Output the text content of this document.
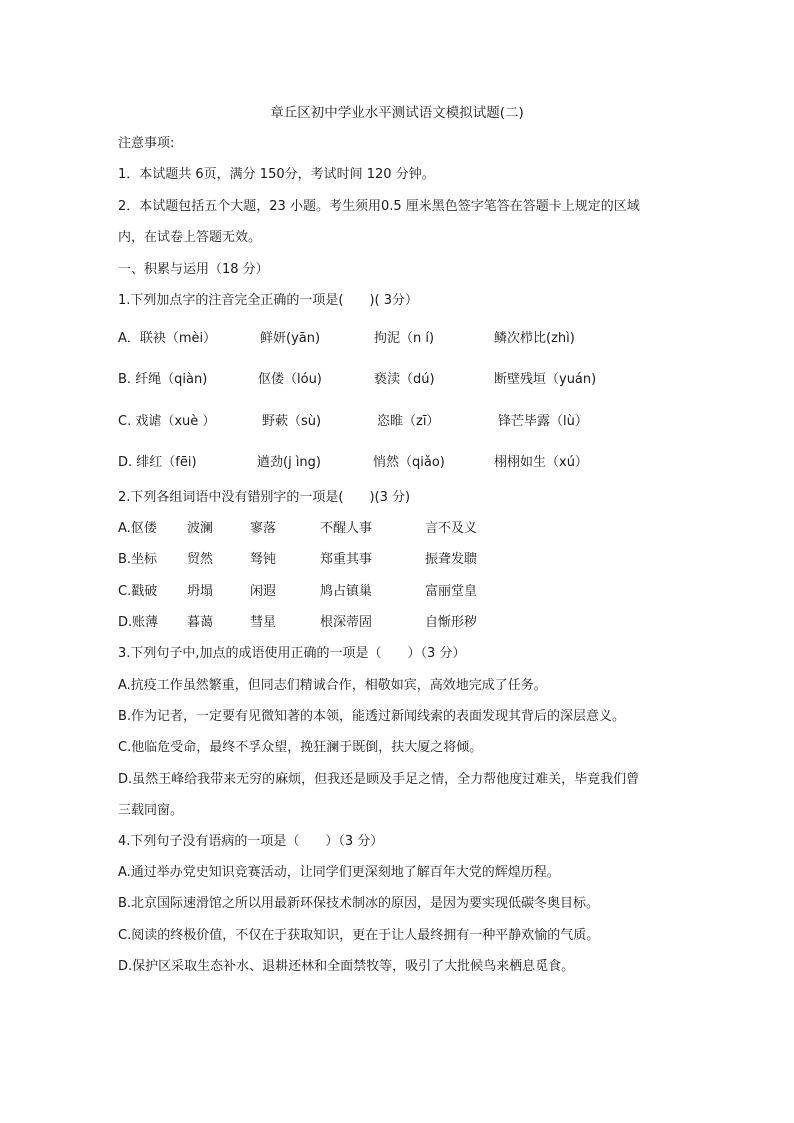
章丘区初中学业水平测试语文模拟试题(二)
注意事项:
1．本试题共 6页，满分 150分，考试时间 120 分钟。
2．本试题包括五个大题，23 小题。考生须用0.5 厘米黑色签字笔答在答题卡上规定的区域
内，在试卷上答题无效。
一、积累与运用（18 分）
1.下列加点字的注音完全正确的一项是(　　)( 3分）
A．联袂（mèi）	鲜妍(yān)	拘泥（n í)	鳞次栉比(zhì)
B. 纤绳（qiàn)	伛偻（lóu)	亵渎（dú)	断壁残垣（yuán)
C. 戏谑（xuè ）	野蔌（sù)	恣睢（zī）	锋芒毕露（lù）
D. 绯红（fēi)	遒劲(j ìng)	悄然（qiǎo)	栩栩如生（xú）
2.下列各组词语中没有错别字的一项是(　　)(3 分)
A.伛偻 波澜	寥落	不醒人事	言不及义
B.坐标 贸然	驽钝	郑重其事	振聋发聩
C.戳破 坍塌	闲遐	鸠占镇巢	富丽堂皇
D.账薄 暮蔼	彗星	根深蒂固	自惭形秽
3.下列句子中,加点的成语使用正确的一项是（　　）（3 分）
A.抗疫工作虽然繁重，但同志们精诚合作，相敬如宾，高效地完成了任务。
B.作为记者，一定要有见微知著的本领，能透过新闻线索的表面发现其背后的深层意义。
C.他临危受命，最终不孚众望，挽狂澜于既倒，扶大厦之将倾。
D.虽然王峰给我带来无穷的麻烦，但我还是顾及手足之情，全力帮他度过难关，毕竟我们曾
三载同窗。
4.下列句子没有语病的一项是（　　）（3 分）
A.通过举办党史知识竞赛活动，让同学们更深刻地了解百年大党的辉煌历程。
B.北京国际速滑馆之所以用最新环保技术制冰的原因，是因为要实现低碳冬奥目标。
C.阅读的终极价值，不仅在于获取知识，更在于让人最终拥有一种平静欢愉的气质。
D.保护区采取生态补水、退耕还林和全面禁牧等，吸引了大批候鸟来栖息觅食。
